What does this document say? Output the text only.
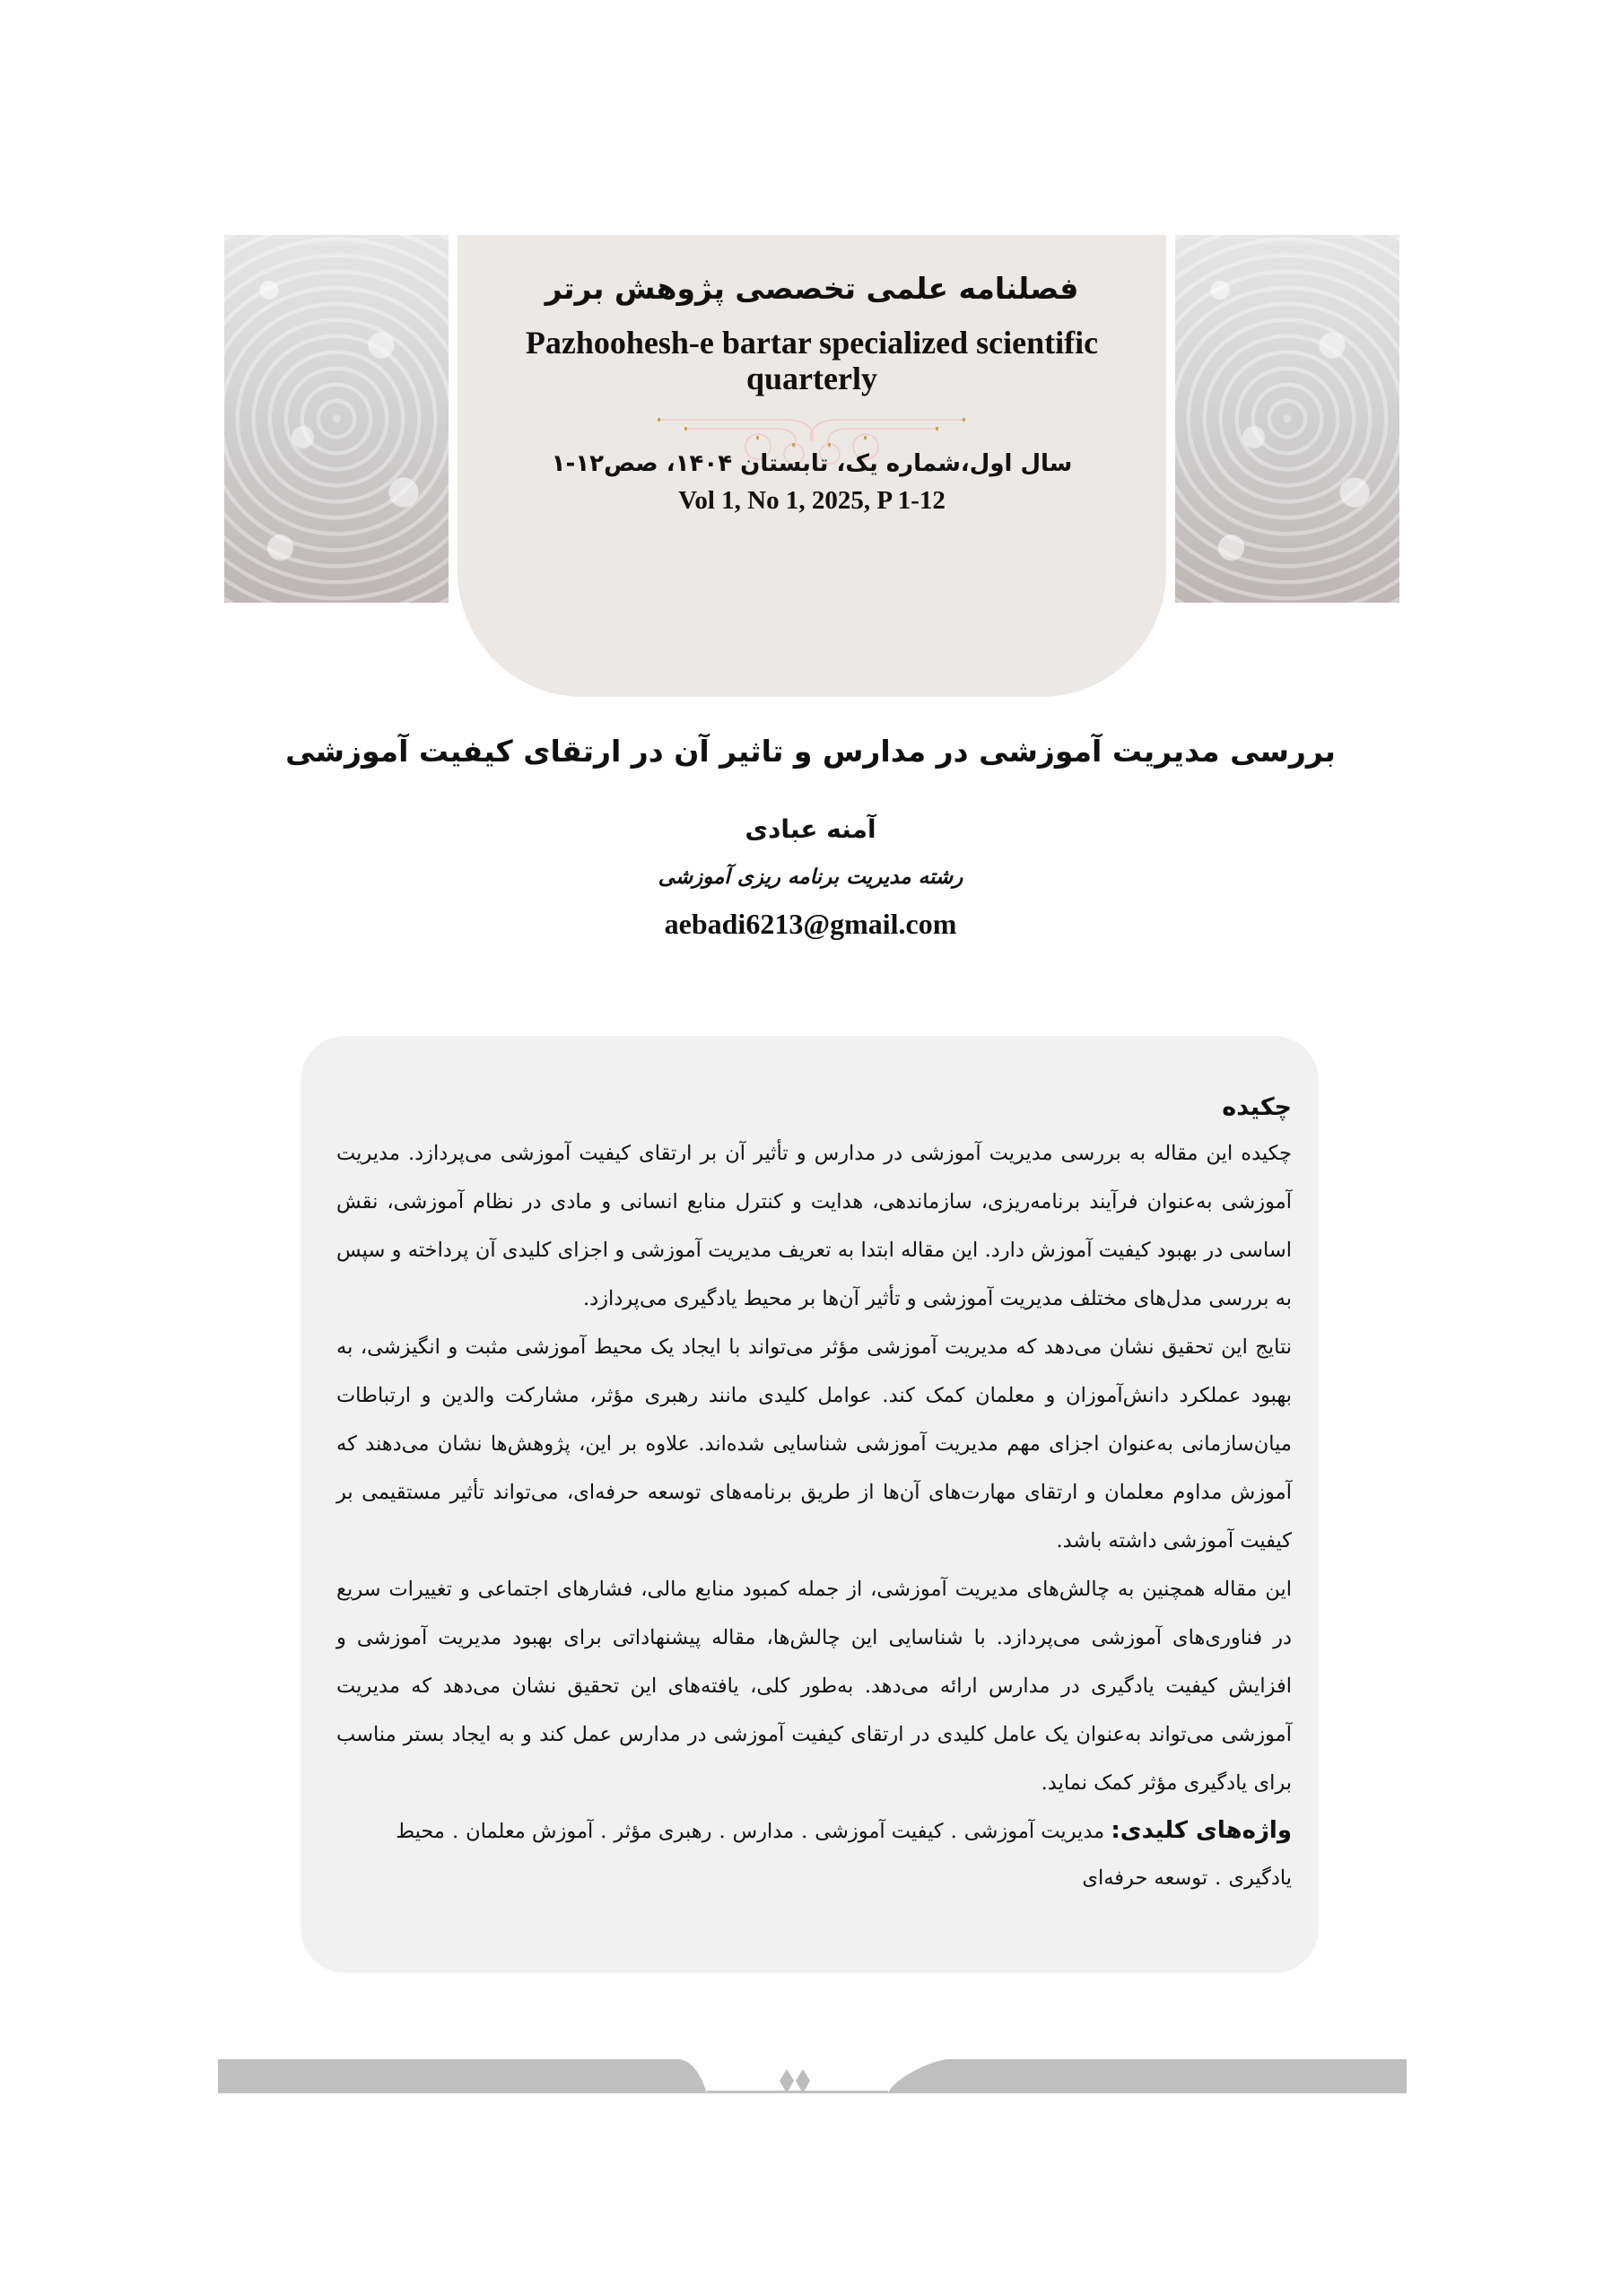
فصلنامه علمی تخصصی پژوهش برتر
Pazhoohesh-e bartar specialized scientific quarterly
سال اول،شماره یک، تابستان ۱۴۰۴، صص۱۲-۱
Vol 1, No 1, 2025, P 1-12
بررسی مدیریت آموزشی در مدارس و تاثیر آن در ارتقای کیفیت آموزشی
آمنه عبادی
رشته مدیریت برنامه ریزی آموزشی
aebadi6213@gmail.com
چکیده

چکیده این مقاله به بررسی مدیریت آموزشی در مدارس و تأثیر آن بر ارتقای کیفیت آموزشی می‌پردازد. مدیریت آموزشی به‌عنوان فرآیند برنامه‌ریزی، سازماندهی، هدایت و کنترل منابع انسانی و مادی در نظام آموزشی، نقش اساسی در بهبود کیفیت آموزش دارد. این مقاله ابتدا به تعریف مدیریت آموزشی و اجزای کلیدی آن پرداخته و سپس به بررسی مدل‌های مختلف مدیریت آموزشی و تأثیر آن‌ها بر محیط یادگیری می‌پردازد.

نتایج این تحقیق نشان می‌دهد که مدیریت آموزشی مؤثر می‌تواند با ایجاد یک محیط آموزشی مثبت و انگیزشی، به بهبود عملکرد دانش‌آموزان و معلمان کمک کند. عوامل کلیدی مانند رهبری مؤثر، مشارکت والدین و ارتباطات میان‌سازمانی به‌عنوان اجزای مهم مدیریت آموزشی شناسایی شده‌اند. علاوه بر این، پژوهش‌ها نشان می‌دهند که آموزش مداوم معلمان و ارتقای مهارت‌های آن‌ها از طریق برنامه‌های توسعه حرفه‌ای، می‌تواند تأثیر مستقیمی بر کیفیت آموزشی داشته باشد.

این مقاله همچنین به چالش‌های مدیریت آموزشی، از جمله کمبود منابع مالی، فشارهای اجتماعی و تغییرات سریع در فناوری‌های آموزشی می‌پردازد. با شناسایی این چالش‌ها، مقاله پیشنهاداتی برای بهبود مدیریت آموزشی و افزایش کیفیت یادگیری در مدارس ارائه می‌دهد. به‌طور کلی، یافته‌های این تحقیق نشان می‌دهد که مدیریت آموزشی می‌تواند به‌عنوان یک عامل کلیدی در ارتقای کیفیت آموزشی در مدارس عمل کند و به ایجاد بستر مناسب برای یادگیری مؤثر کمک نماید.

واژه‌های کلیدی: مدیریت آموزشی.کیفیت آموزشی.مدارس.رهبری مؤثر.آموزش معلمان.محیط یادگیری.توسعه حرفه‌ای
